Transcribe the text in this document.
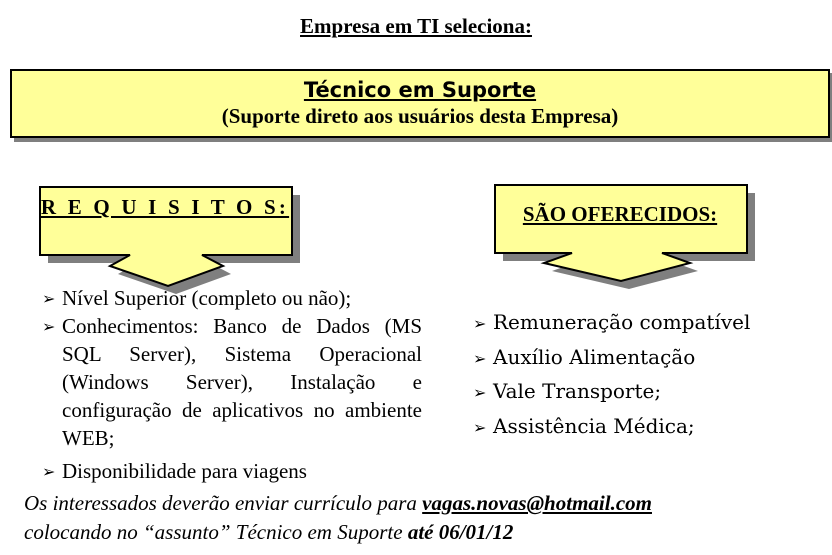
Empresa em TI seleciona:
Técnico em Suporte
(Suporte direto aos usuários desta Empresa)
R E Q U I S I T O S:	SÃO OFERECIDOS:
➢ Nível Superior (completo ou não);
➢ Conhecimentos: Banco de Dados (MS SQL Server), Sistema Operacional (Windows Server), Instalação e configuração de aplicativos no ambiente WEB;
➢ Disponibilidade para viagens
➢ Remuneração compatível
➢ Auxílio Alimentação
➢ Vale Transporte;
➢ Assistência Médica;
Os interessados deverão enviar currículo para vagas.novas@hotmail.com
colocando no “assunto” Técnico em Suporte até 06/01/12
